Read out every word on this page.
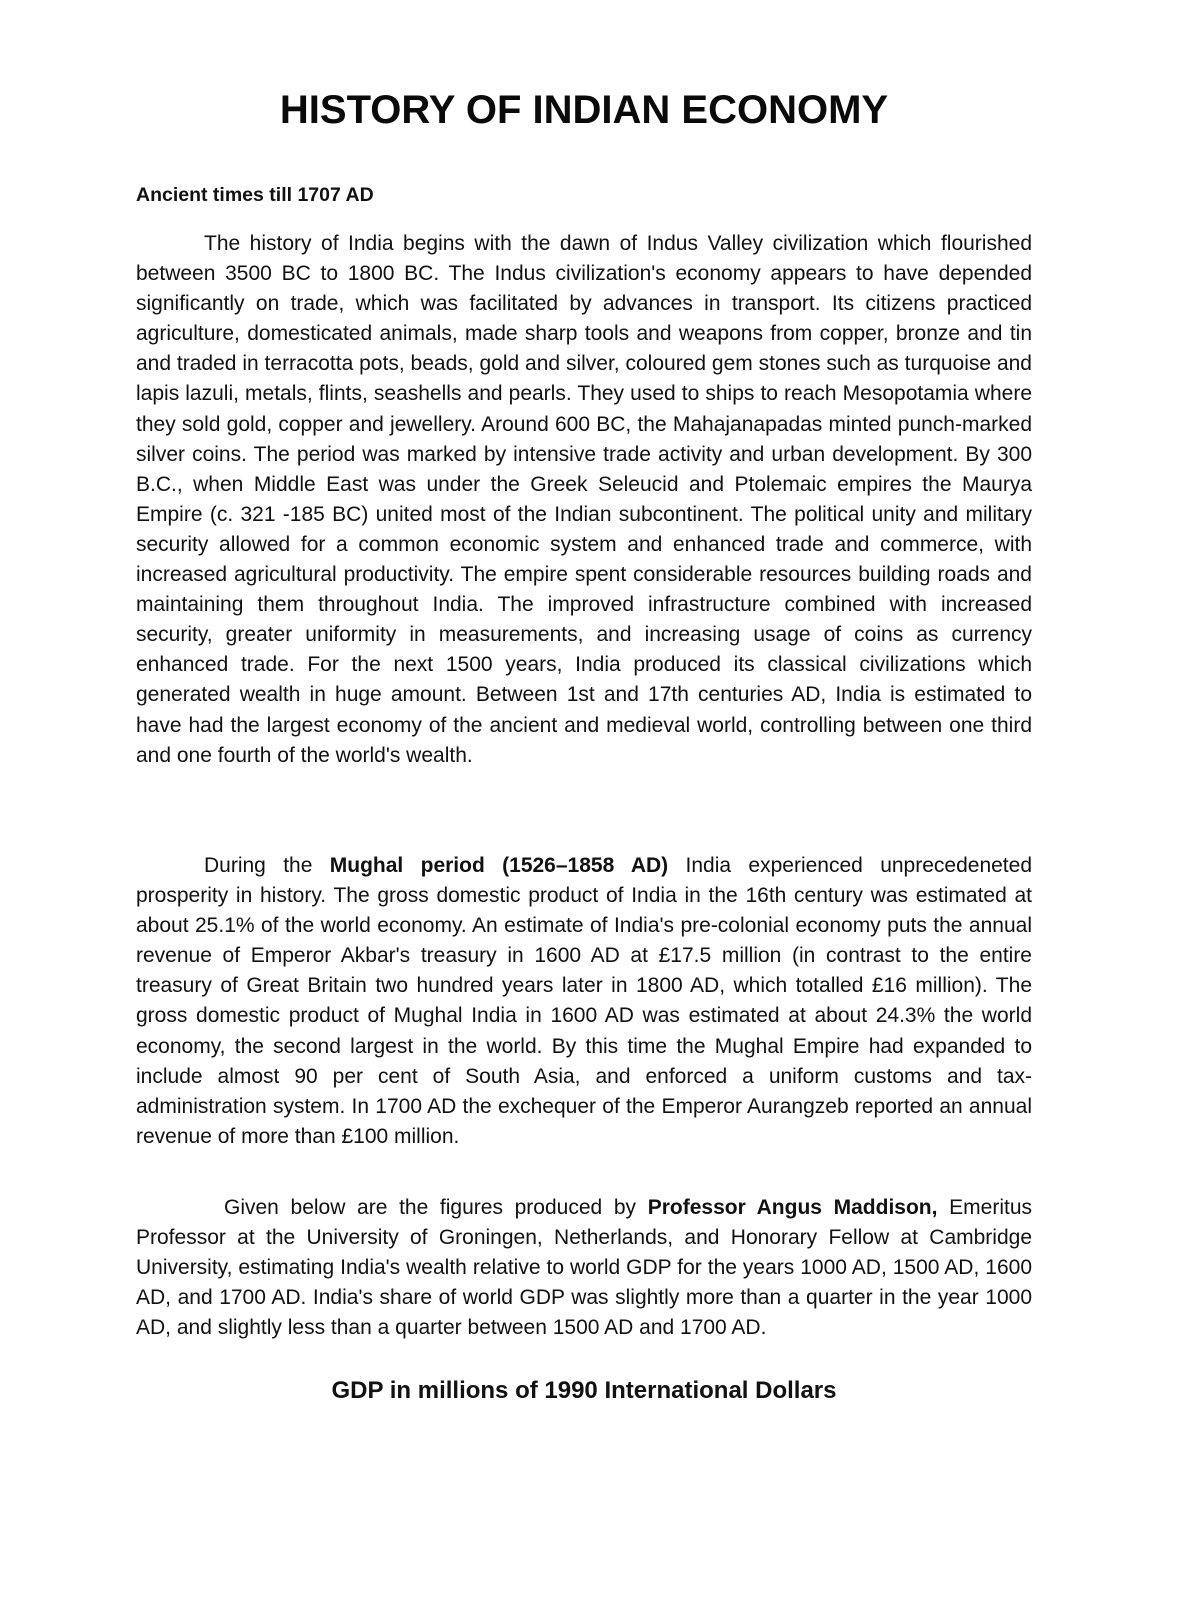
HISTORY OF INDIAN ECONOMY
Ancient times till 1707 AD

The history of India begins with the dawn of Indus Valley civilization which flourished between 3500 BC to 1800 BC. The Indus civilization's economy appears to have depended significantly on trade, which was facilitated by advances in transport. Its citizens practiced agriculture, domesticated animals, made sharp tools and weapons from copper, bronze and tin and traded in terracotta pots, beads, gold and silver, coloured gem stones such as turquoise and lapis lazuli, metals, flints, seashells and pearls. They used to ships to reach Mesopotamia where they sold gold, copper and jewellery. Around 600 BC, the Mahajanapadas minted punch-marked silver coins. The period was marked by intensive trade activity and urban development. By 300 B.C., when Middle East was under the Greek Seleucid and Ptolemaic empires the Maurya Empire (c. 321 -185 BC) united most of the Indian subcontinent. The political unity and military security allowed for a common economic system and enhanced trade and commerce, with increased agricultural productivity. The empire spent considerable resources building roads and maintaining them throughout India. The improved infrastructure combined with increased security, greater uniformity in measurements, and increasing usage of coins as currency enhanced trade. For the next 1500 years, India produced its classical civilizations which generated wealth in huge amount. Between 1st and 17th centuries AD, India is estimated to have had the largest economy of the ancient and medieval world, controlling between one third and one fourth of the world's wealth.

During the Mughal period (1526–1858 AD) India experienced unprecedeneted prosperity in history. The gross domestic product of India in the 16th century was estimated at about 25.1% of the world economy. An estimate of India's pre-colonial economy puts the annual revenue of Emperor Akbar's treasury in 1600 AD at £17.5 million (in contrast to the entire treasury of Great Britain two hundred years later in 1800 AD, which totalled £16 million). The gross domestic product of Mughal India in 1600 AD was estimated at about 24.3% the world economy, the second largest in the world. By this time the Mughal Empire had expanded to include almost 90 per cent of South Asia, and enforced a uniform customs and tax-administration system. In 1700 AD the exchequer of the Emperor Aurangzeb reported an annual revenue of more than £100 million.

Given below are the figures produced by Professor Angus Maddison, Emeritus Professor at the University of Groningen, Netherlands, and Honorary Fellow at Cambridge University, estimating India's wealth relative to world GDP for the years 1000 AD, 1500 AD, 1600 AD, and 1700 AD. India's share of world GDP was slightly more than a quarter in the year 1000 AD, and slightly less than a quarter between 1500 AD and 1700 AD.

GDP in millions of 1990 International Dollars
